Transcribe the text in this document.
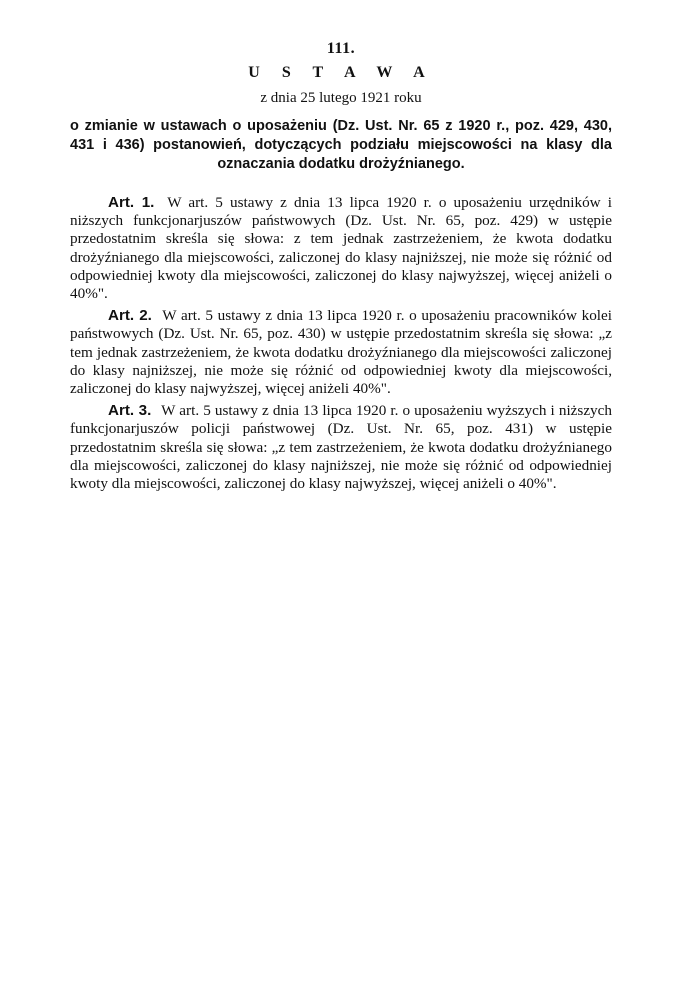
111.
U S T A W A
z dnia 25 lutego 1921 roku
o zmianie w ustawach o uposażeniu (Dz. Ust. Nr. 65 z 1920 r., poz. 429, 430, 431 i 436) postanowień, dotyczących podziału miejscowości na klasy dla oznaczania dodatku drożyźnianego.

Art. 1. W art. 5 ustawy z dnia 13 lipca 1920 r. o uposażeniu urzędników i niższych funkcjonarjuszów państwowych (Dz. Ust. Nr. 65, poz. 429) w ustępie przedostatnim skreśla się słowa: z tem jednak zastrzeżeniem, że kwota dodatku drożyźnianego dla miejscowości, zaliczonej do klasy najniższej, nie może się różnić od odpowiedniej kwoty dla miejscowości, zaliczonej do klasy najwyższej, więcej aniżeli o 40%".

Art. 2. W art. 5 ustawy z dnia 13 lipca 1920 r. o uposażeniu pracowników kolei państwowych (Dz. Ust. Nr. 65, poz. 430) w ustępie przedostatnim skreśla się słowa: „z tem jednak zastrzeżeniem, że kwota dodatku drożyźnianego dla miejscowości zaliczonej do klasy najniższej, nie może się różnić od odpowiedniej kwoty dla miejscowości, zaliczonej do klasy najwyższej, więcej aniżeli 40%".

Art. 3. W art. 5 ustawy z dnia 13 lipca 1920 r. o uposażeniu wyższych i niższych funkcjonarjuszów policji państwowej (Dz. Ust. Nr. 65, poz. 431) w ustępie przedostatnim skreśla się słowa: „z tem zastrzeżeniem, że kwota dodatku drożyźnianego dla miejscowości, zaliczonej do klasy najniższej, nie może się różnić od odpowiedniej kwoty dla miejscowości, zaliczonej do klasy najwyższej, więcej aniżeli o 40%".
